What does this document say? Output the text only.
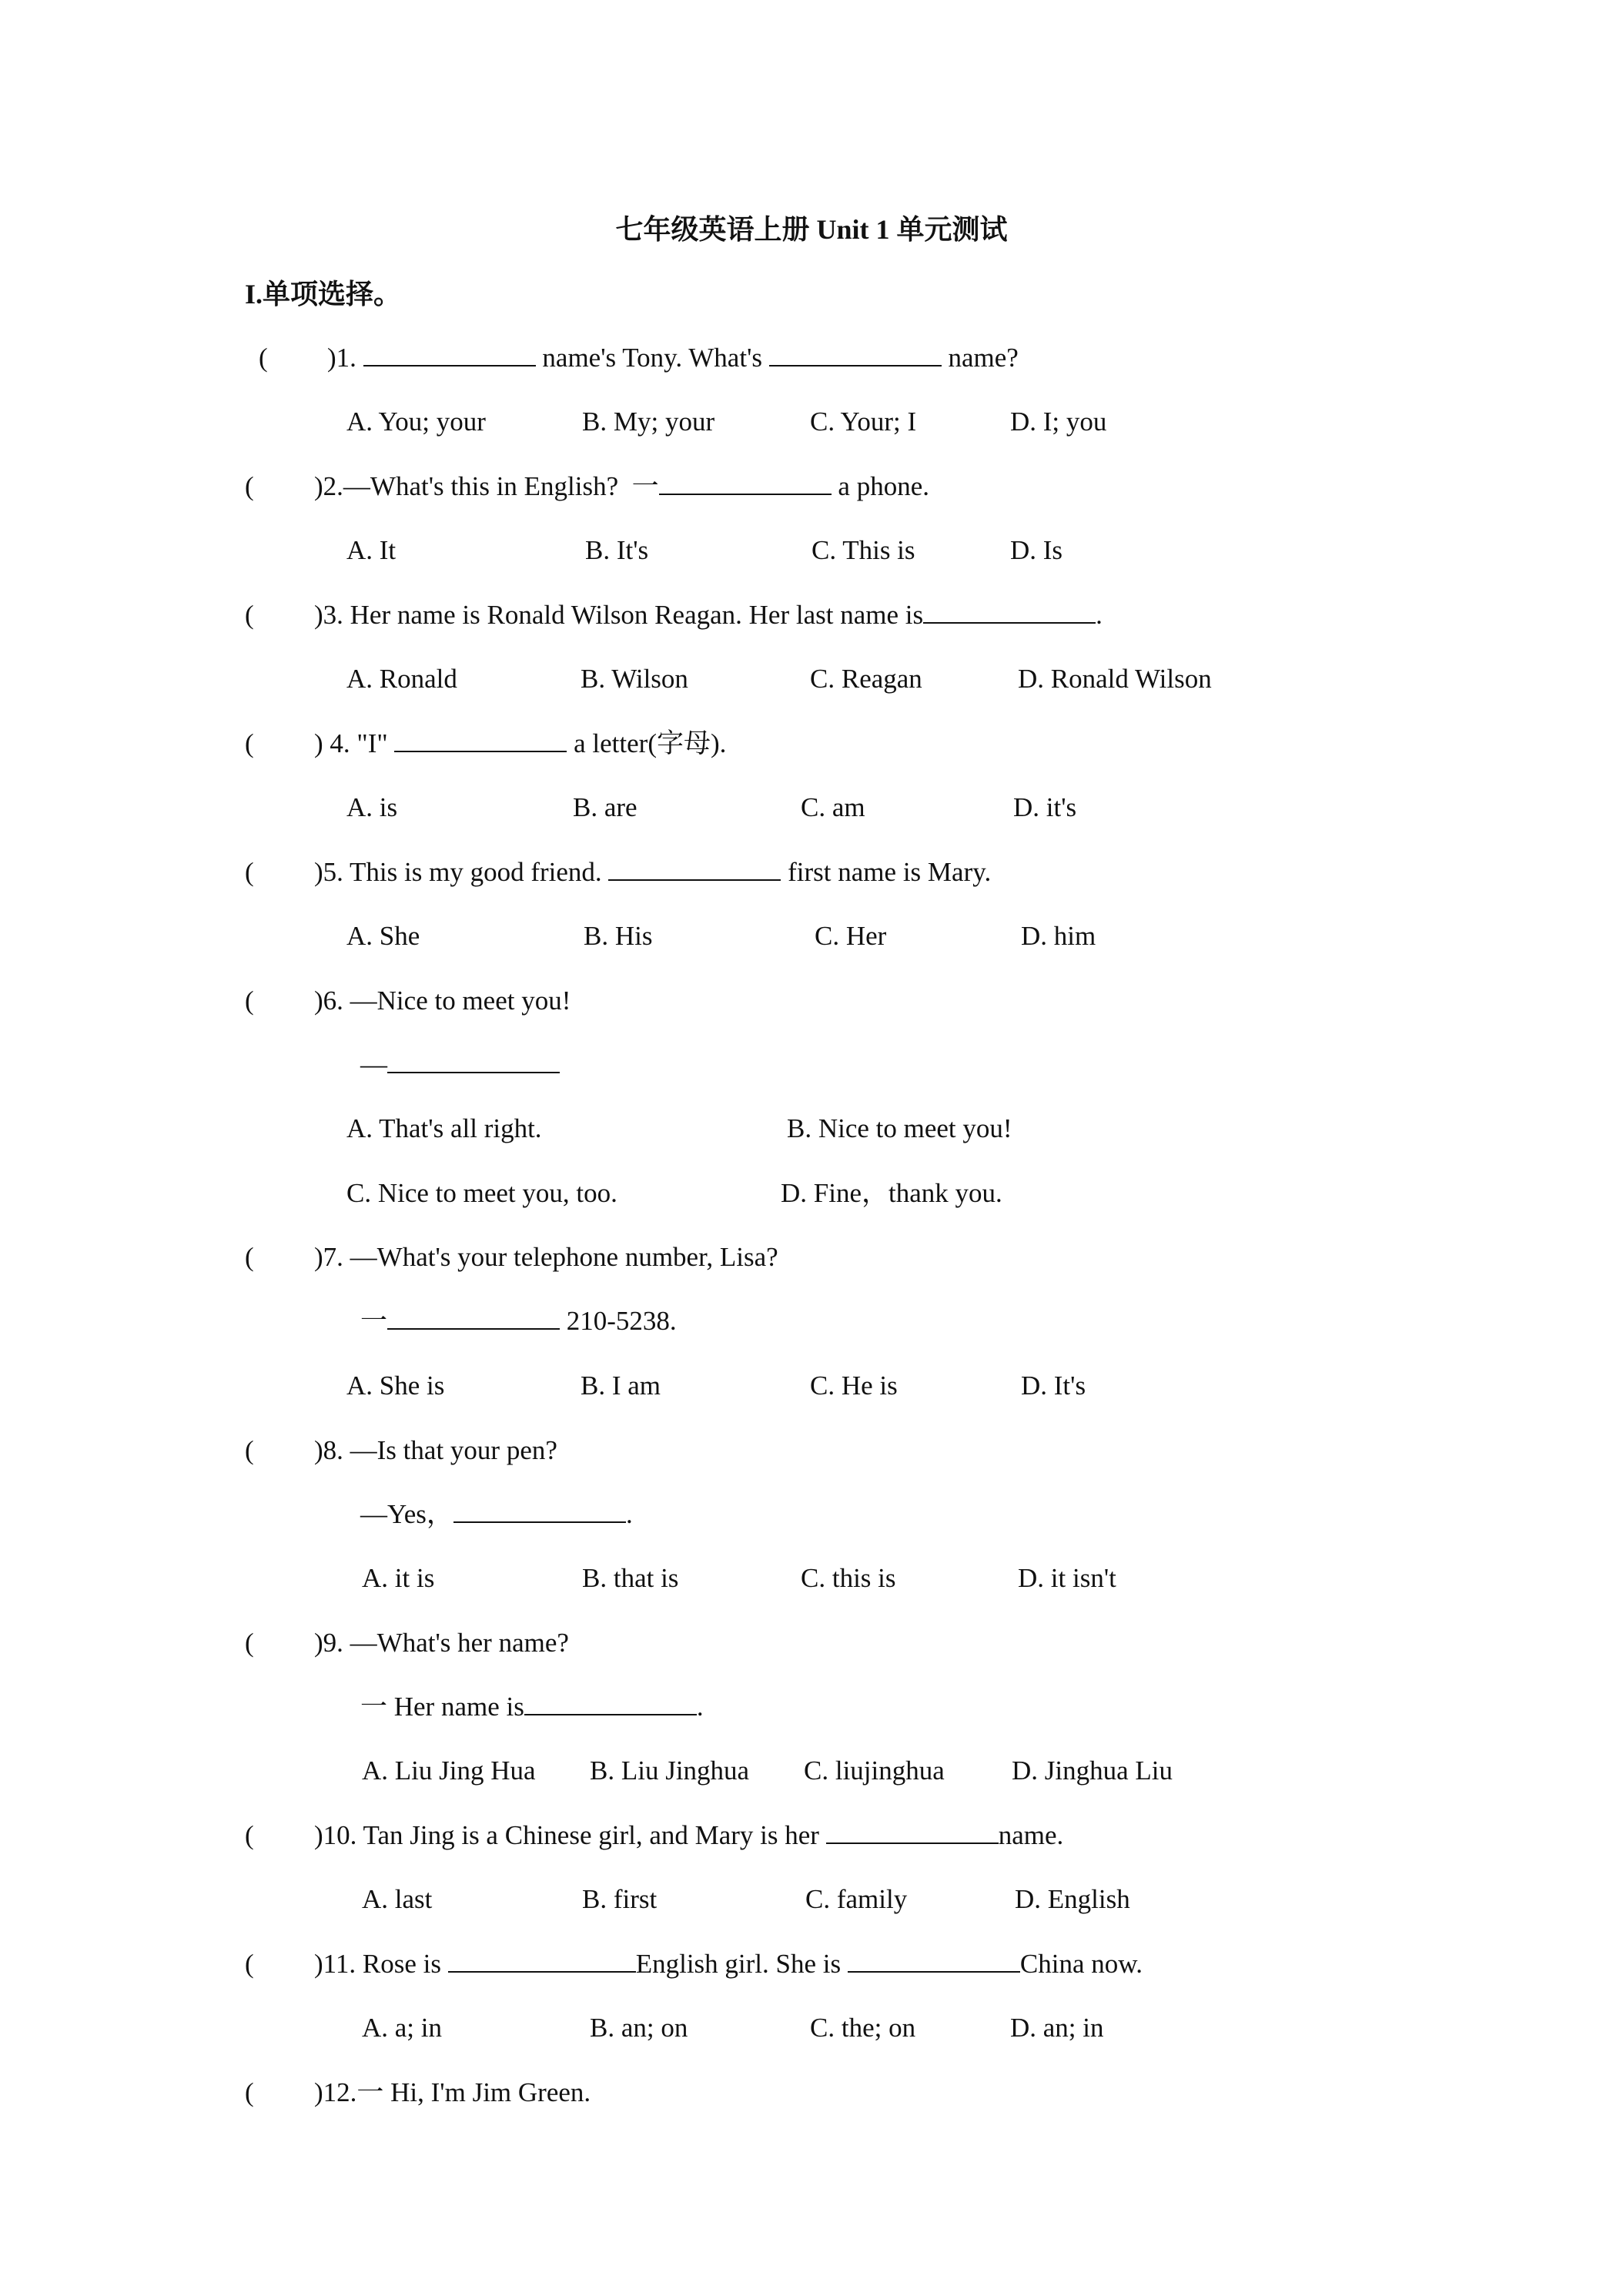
七年级英语上册 Unit 1 单元测试
I.单项选择。
( )1.	name's Tony. What's	name?
A. You; your	B. My; your	C. Your; I	D. I; you
( )2.—What's this in English?  一	a phone.
A. It	B. It's	C. This is	D. Is
( )3. Her name is Ronald Wilson Reagan. Her last name is	.
A. Ronald	B. Wilson	C. Reagan	D. Ronald Wilson
( ) 4. "I"	a letter(字母).
A. is	B. are	C. am	D. it's
( )5. This is my good friend.	first name is Mary.
A. She	B. His	C. Her	D. him
( )6. —Nice to meet you!
—
A. That's all right.	B. Nice to meet you!
C. Nice to meet you, too.	D. Fine，thank you.
( )7. —What's your telephone number, Lisa?
一	210-5238.
A. She is	B. I am	C. He is	D. It's
( )8. —Is that your pen?
—Yes，	.
A. it is	B. that is	C. this is	D. it isn't
( )9. —What's her name?
一 Her name is	.
A. Liu Jing Hua B. Liu Jinghua C. liujinghua D. Jinghua Liu
( )10. Tan Jing is a Chinese girl, and Mary is her	name.
A. last	B. first	C. family	D. English
( )11. Rose is	English girl. She is	China now.
A. a; in	B. an; on	C. the; on	D. an; in
( )12.一 Hi, I'm Jim Green.
